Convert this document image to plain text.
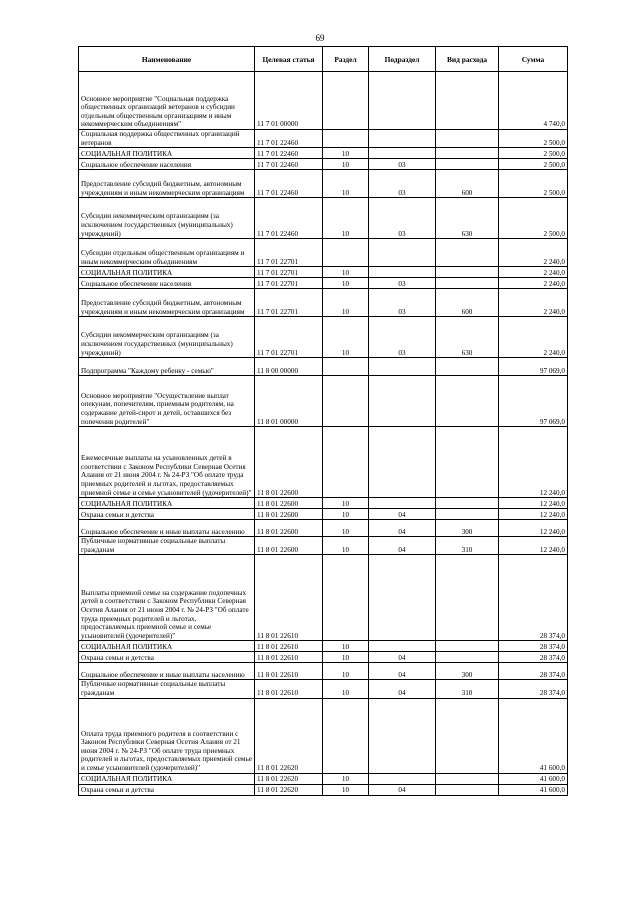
69
Наименование	Целевая статья	Раздел	Подраздел	Вид расхода	Сумма
Основное мероприятие "Социальная поддержка общественных организаций ветеранов и субсидии отдельным общественным организациям и иным некоммерческим объединениям"	11 7 01 00000				4 740,0
Социальная поддержка общественных организаций ветеранов	11 7 01 22460				2 500,0
СОЦИАЛЬНАЯ ПОЛИТИКА	11 7 01 22460	10			2 500,0
Социальное обеспечение населения	11 7 01 22460	10	03		2 500,0
Предоставление субсидий бюджетным, автономным учреждениям и иным некоммерческим организациям	11 7 01 22460	10	03	600	2 500,0
Субсидии некоммерческим организациям (за исключением государственных (муниципальных) учреждений)	11 7 01 22460	10	03	630	2 500,0
Субсидии отдельным общественным организациям и иным некоммерческим объединениям	11 7 01 22701				2 240,0
СОЦИАЛЬНАЯ ПОЛИТИКА	11 7 01 22701	10			2 240,0
Социальное обеспечение населения	11 7 01 22701	10	03		2 240,0
Предоставление субсидий бюджетным, автономным учреждениям и иным некоммерческим организациям	11 7 01 22701	10	03	600	2 240,0
Субсидии некоммерческим организациям (за исключением государственных (муниципальных) учреждений)	11 7 01 22701	10	03	630	2 240,0
Подпрограмма "Каждому ребенку - семью"	11 8 00 00000				97 069,0
Основное мероприятие "Осуществление выплат опекунам, попечителям, приемным родителям, на содержание детей-сирот и детей, оставшихся без попечения родителей"	11 8 01 00000				97 069,0
Ежемесячные выплаты на усыновленных детей в соответствии с Законом Республики Северная Осетия Алания от 21 июня 2004 г. № 24-РЗ "Об оплате труда приемных родителей и льготах, предоставляемых приемной семье и семье усыновителей (удочерителей)"	11 8 01 22600				12 240,0
СОЦИАЛЬНАЯ ПОЛИТИКА	11 8 01 22600	10			12 240,0
Охрана семьи и детства	11 8 01 22600	10	04		12 240,0
Социальное обеспечение и иные выплаты населению	11 8 01 22600	10	04	300	12 240,0
Публичные нормативные социальные выплаты гражданам	11 8 01 22600	10	04	310	12 240,0
Выплаты приемной семье на содержание подопечных детей в соответствии с Законом Республики Северная Осетия Алания от 21 июня 2004 г. № 24-РЗ "Об оплате труда приемных родителей и льготах, предоставляемых приемной семье и семье усыновителей (удочерителей)"	11 8 01 22610				28 374,0
СОЦИАЛЬНАЯ ПОЛИТИКА	11 8 01 22610	10			28 374,0
Охрана семьи и детства	11 8 01 22610	10	04		28 374,0
Социальное обеспечение и иные выплаты населению	11 8 01 22610	10	04	300	28 374,0
Публичные нормативные социальные выплаты гражданам	11 8 01 22610	10	04	310	28 374,0
Оплата труда приемного родителя в соответствии с Законом Республики Северная Осетия Алания от 21 июня 2004 г. № 24-РЗ "Об оплате труда приемных родителей и льготах, предоставляемых приемной семье и семье усыновителей (удочерителей)"	11 8 01 22620				41 600,0
СОЦИАЛЬНАЯ ПОЛИТИКА	11 8 01 22620	10			41 600,0
Охрана семьи и детства	11 8 01 22620	10	04		41 600,0
